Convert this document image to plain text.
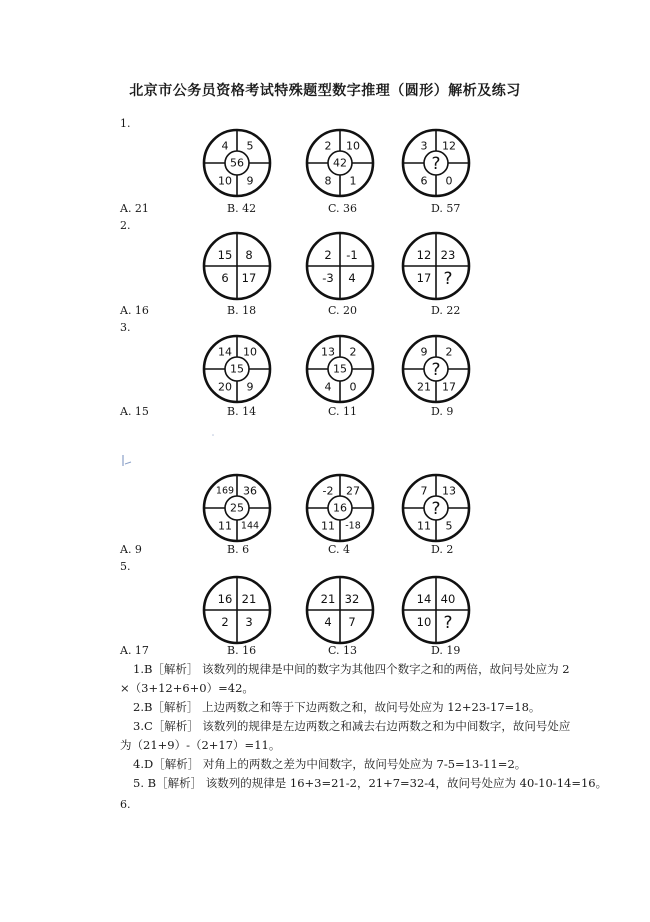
北京市公务员资格考试特殊题型数字推理（圆形）解析及练习
1.
2.
3.
5.
6.
56
4 5
10 9
42
2 10
8 1
?
3 12
6 0
15 8
6 17
2 -1
-3 4
12 23
17 ?
15
14 10
20 9
15
13 2
4 0
?
9 2
21 17
25
169 36
11 144
16
-2 27
11 -18
?
7 13
11 5
16 21
2 3
21 32
4 7
14 40
10 ?
A. 21	B. 42	C. 36	D. 57
A. 16	B. 18	C. 20	D. 22
A. 15	B. 14	C. 11	D. 9
A. 9	B. 6	C. 4	D. 2
A. 17	B. 16	C. 13	D. 19
1.B［解析］ 该数列的规律是中间的数字为其他四个数字之和的两倍，故问号处应为 2
×（3+12+6+0）=42。
2.B［解析］ 上边两数之和等于下边两数之和，故问号处应为 12+23-17=18。
3.C［解析］ 该数列的规律是左边两数之和减去右边两数之和为中间数字，故问号处应
为（21+9）-（2+17）=11。
4.D［解析］ 对角上的两数之差为中间数字，故问号处应为 7-5=13-11=2。
5. B［解析］ 该数列的规律是 16+3=21-2，21+7=32-4，故问号处应为 40-10-14=16。
